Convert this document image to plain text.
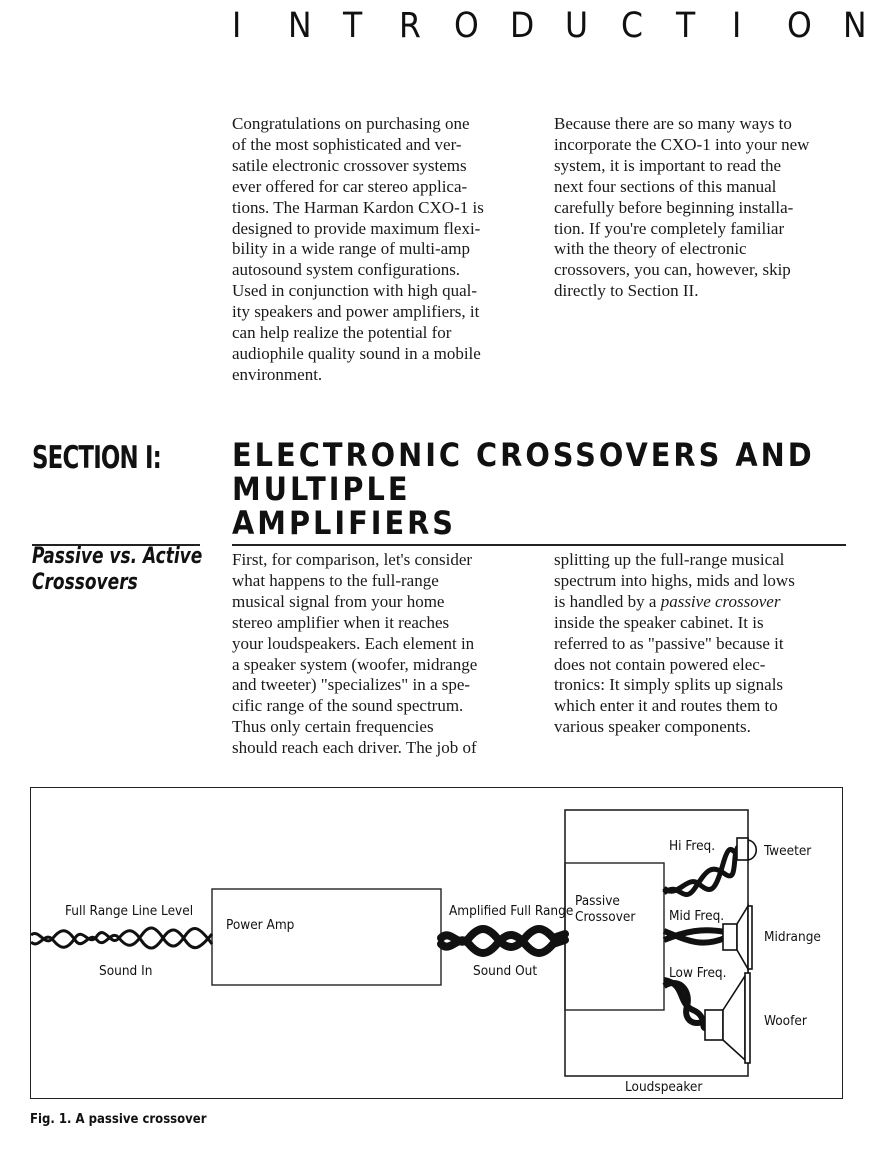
I N T R O D U C T I O N

Congratulations on purchasing one

of the most sophisticated and ver-

satile electronic crossover systems

ever offered for car stereo applica-

tions. The Harman Kardon CXO-1 is

designed to provide maximum flexi-

bility in a wide range of multi-amp

autosound system configurations.

Used in conjunction with high qual-

ity speakers and power amplifiers, it

can help realize the potential for

audiophile quality sound in a mobile

environment.

Because there are so many ways to

incorporate the CXO-1 into your new

system, it is important to read the

next four sections of this manual

carefully before beginning installa-

tion. If you're completely familiar

with the theory of electronic

crossovers, you can, however, skip

directly to Section II.

SECTION I: ELECTRONIC CROSSOVERS AND MULTIPLE
AMPLIFIERS
Passive vs. Active
Crossovers

First, for comparison, let's consider

what happens to the full-range

musical signal from your home

stereo amplifier when it reaches

your loudspeakers. Each element in

a speaker system (woofer, midrange

and tweeter) "specializes" in a spe-

cific range of the sound spectrum.

Thus only certain frequencies

should reach each driver. The job of

splitting up the full-range musical

spectrum into highs, mids and lows

is handled by a passive crossover

inside the speaker cabinet. It is

referred to as "passive" because it

does not contain powered elec-

tronics: It simply splits up signals

which enter it and routes them to

various speaker components.

Full Range Line Level
Sound In
Power Amp
Amplified Full Range
Sound Out
Passive
Crossover
Hi Freq.
Mid Freq.
Low Freq.
Tweeter
Midrange
Woofer
Loudspeaker
Fig. 1. A passive crossover
